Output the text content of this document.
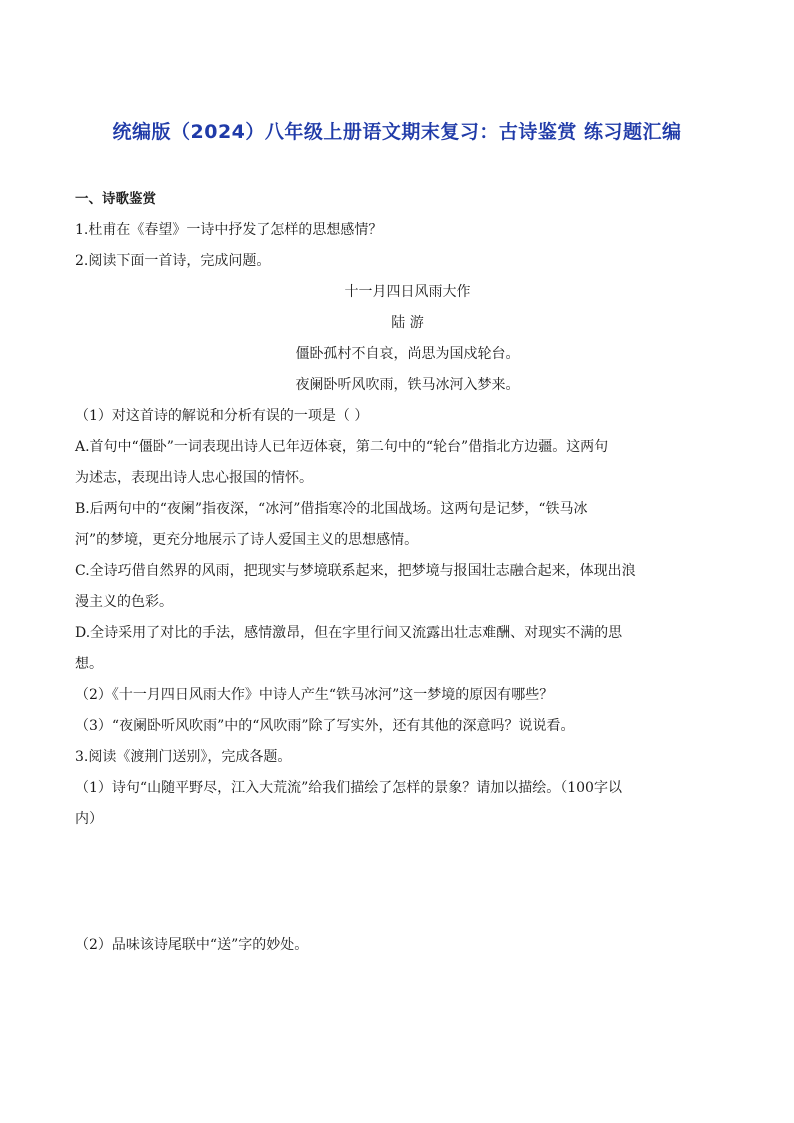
统编版（2024）八年级上册语文期末复习：古诗鉴赏 练习题汇编
一、诗歌鉴赏
1.杜甫在《春望》一诗中抒发了怎样的思想感情？
2.阅读下面一首诗，完成问题。
十一月四日风雨大作
陆 游
僵卧孤村不自哀，尚思为国戍轮台。
夜阑卧听风吹雨，铁马冰河入梦来。
（1）对这首诗的解说和分析有误的一项是（ ）
A.首句中“僵卧”一词表现出诗人已年迈体衰，第二句中的“轮台”借指北方边疆。这两句
为述志，表现出诗人忠心报国的情怀。
B.后两句中的“夜阑”指夜深，“冰河”借指寒冷的北国战场。这两句是记梦，“铁马冰
河”的梦境，更充分地展示了诗人爱国主义的思想感情。
C.全诗巧借自然界的风雨，把现实与梦境联系起来，把梦境与报国壮志融合起来，体现出浪
漫主义的色彩。
D.全诗采用了对比的手法，感情激昂，但在字里行间又流露出壮志难酬、对现实不满的思
想。
（2）《十一月四日风雨大作》中诗人产生“铁马冰河”这一梦境的原因有哪些？
（3）“夜阑卧听风吹雨”中的“风吹雨”除了写实外，还有其他的深意吗？说说看。
3.阅读《渡荆门送别》，完成各题。
（1）诗句“山随平野尽，江入大荒流”给我们描绘了怎样的景象？请加以描绘。（100字以
内）
（2）品味该诗尾联中“送”字的妙处。
